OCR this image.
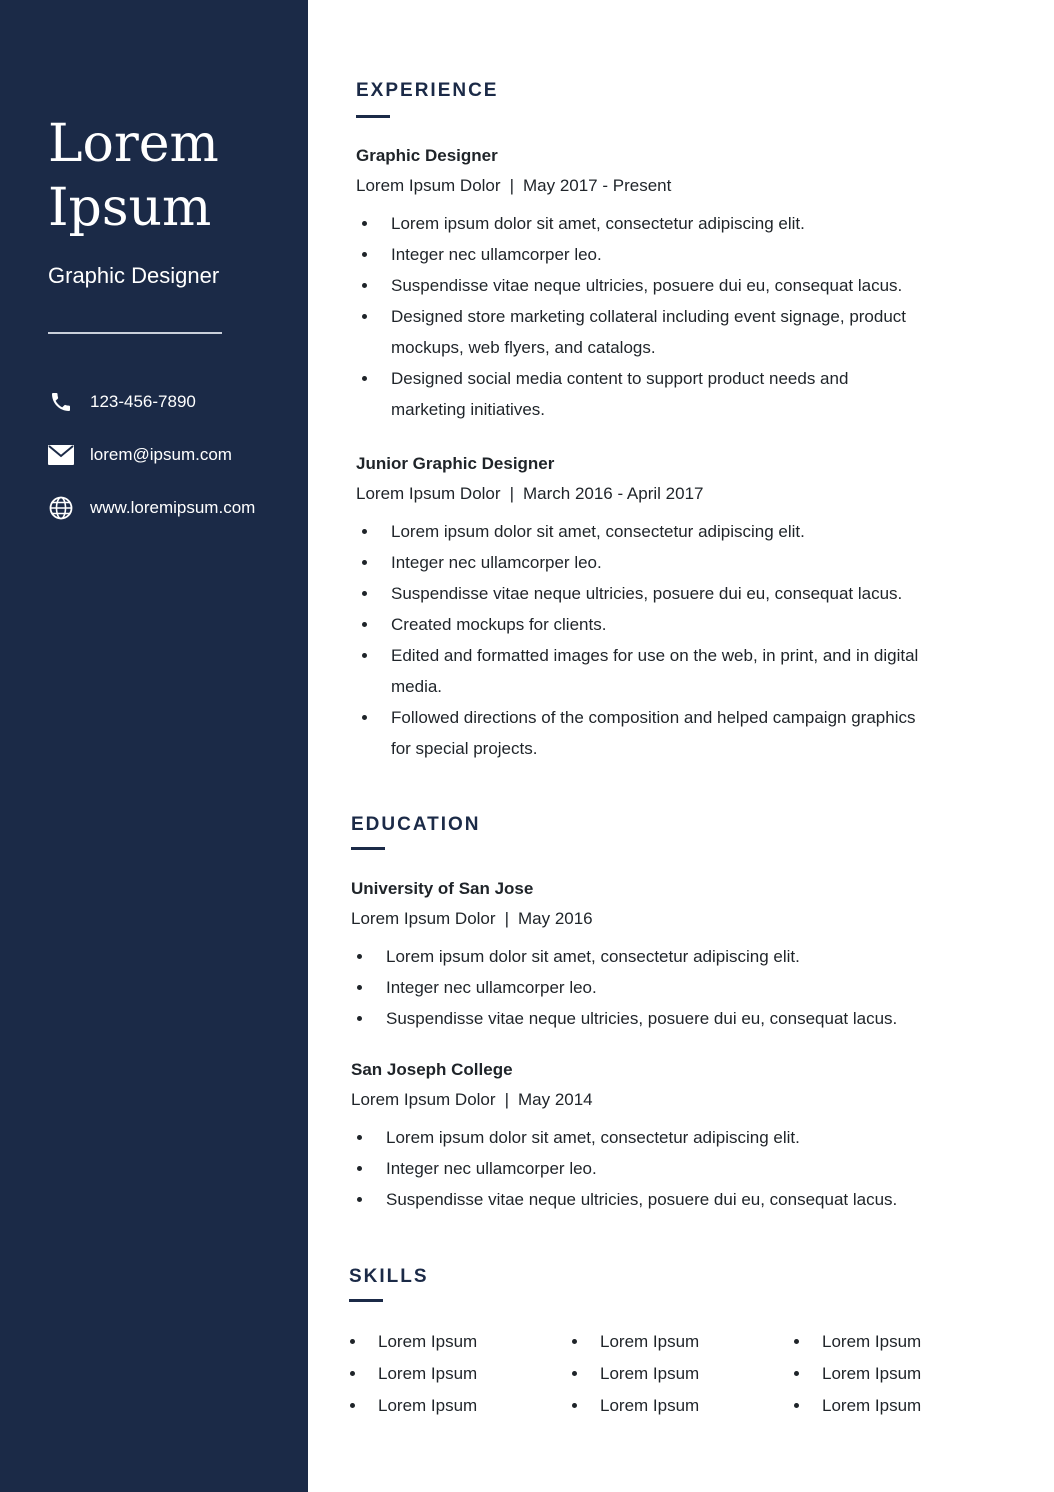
Lorem
Ipsum
Graphic Designer
123-456-7890
lorem@ipsum.com
www.loremipsum.com
EXPERIENCE
Graphic Designer
Lorem Ipsum Dolor | May 2017 - Present
Lorem ipsum dolor sit amet, consectetur adipiscing elit.
Integer nec ullamcorper leo.
Suspendisse vitae neque ultricies, posuere dui eu, consequat lacus.
Designed store marketing collateral including event signage, product mockups, web flyers, and catalogs.
Designed social media content to support product needs and marketing initiatives.
Junior Graphic Designer
Lorem Ipsum Dolor | March 2016 - April 2017
Lorem ipsum dolor sit amet, consectetur adipiscing elit.
Integer nec ullamcorper leo.
Suspendisse vitae neque ultricies, posuere dui eu, consequat lacus.
Created mockups for clients.
Edited and formatted images for use on the web, in print, and in digital media.
Followed directions of the composition and helped campaign graphics for special projects.
EDUCATION
University of San Jose
Lorem Ipsum Dolor | May 2016
Lorem ipsum dolor sit amet, consectetur adipiscing elit.
Integer nec ullamcorper leo.
Suspendisse vitae neque ultricies, posuere dui eu, consequat lacus.
San Joseph College
Lorem Ipsum Dolor | May 2014
Lorem ipsum dolor sit amet, consectetur adipiscing elit.
Integer nec ullamcorper leo.
Suspendisse vitae neque ultricies, posuere dui eu, consequat lacus.
SKILLS
Lorem Ipsum	Lorem Ipsum	Lorem Ipsum
Lorem Ipsum	Lorem Ipsum	Lorem Ipsum
Lorem Ipsum	Lorem Ipsum	Lorem Ipsum
